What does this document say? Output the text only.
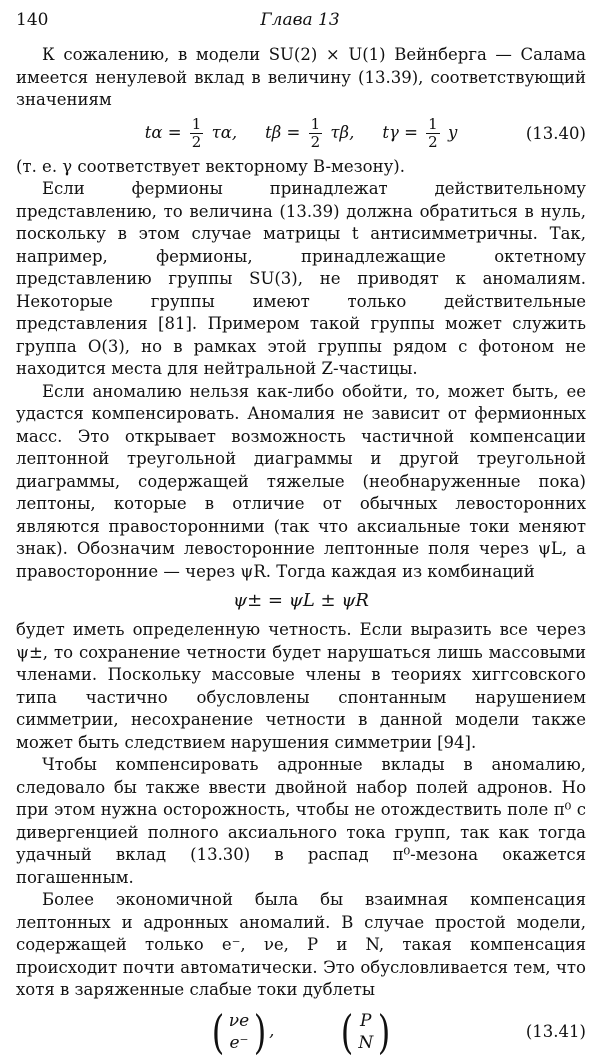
140	Глава 13

К сожалению, в модели SU(2) × U(1) Вейнберга — Салама имеется ненулевой вклад в величину (13.39), соответствующий значениям

$t\alpha = \frac{1}{2} \tau\alpha$, $t\beta = \frac{1}{2} \tau\beta$, $t\gamma = \frac{1}{2}$ y	(13.40)

(т. е. γ соответствует векторному B-мезону).

Если фермионы принадлежат действительному представлению, то величина (13.39) должна обратиться в нуль, поскольку в этом случае матрицы t антисимметричны. Так, например, фермионы, принадлежащие октетному представлению группы SU(3), не приводят к аномалиям. Некоторые группы имеют только действительные представления [81]. Примером такой группы может служить группа O(3), но в рамках этой группы рядом с фотоном не находится места для нейтральной Z-частицы.

Если аномалию нельзя как-либо обойти, то, может быть, ее удастся компенсировать. Аномалия не зависит от фермионных масс. Это открывает возможность частичной компенсации лептонной треугольной диаграммы и другой треугольной диаграммы, содержащей тяжелые (необнаруженные пока) лептоны, которые в отличие от обычных левосторонних являются правосторонними (так что аксиальные токи меняют знак). Обозначим левосторонние лептонные поля через ψL, а правосторонние — через ψR. Тогда каждая из комбинаций

ψ± = ψL ± ψR

будет иметь определенную четность. Если выразить все через ψ±, то сохранение четности будет нарушаться лишь массовыми членами. Поскольку массовые члены в теориях хиггсовского типа частично обусловлены спонтанным нарушением симметрии, несохранение четности в данной модели также может быть следствием нарушения симметрии [94].

Чтобы компенсировать адронные вклады в аномалию, следовало бы также ввести двойной набор полей адронов. Но при этом нужна осторожность, чтобы не отождествить поле π⁰ с дивергенцией полного аксиального тока групп, так как тогда удачный вклад (13.30) в распад π⁰-мезона окажется погашенным.

Более экономичной была бы взаимная компенсация лептонных и адронных аномалий. В случае простой модели, содержащей только e⁻, νe, P и N, такая компенсация происходит почти автоматически. Это обусловливается тем, что хотя в заряженные слабые токи дублеты

( νe
e⁻ ) , ( P
N )	(13.41)
